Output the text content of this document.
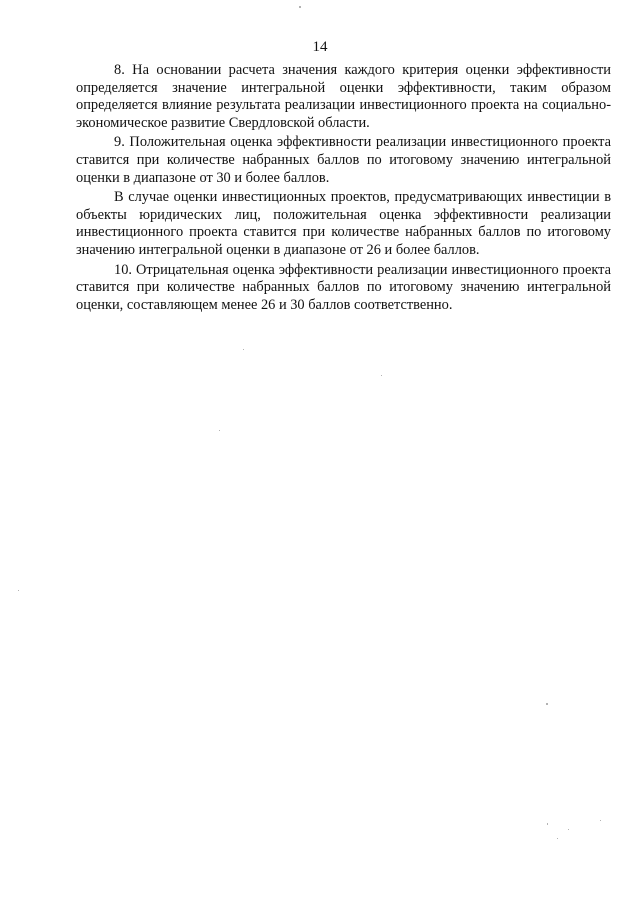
14

8. На основании расчета значения каждого критерия оценки эффективности определяется значение интегральной оценки эффективности, таким образом определяется влияние результата реализации инвестиционного проекта на социально-экономическое развитие Свердловской области.

9. Положительная оценка эффективности реализации инвестиционного проекта ставится при количестве набранных баллов по итоговому значению интегральной оценки в диапазоне от 30 и более баллов.

В случае оценки инвестиционных проектов, предусматривающих инвестиции в объекты юридических лиц, положительная оценка эффективности реализации инвестиционного проекта ставится при количестве набранных баллов по итоговому значению интегральной оценки в диапазоне от 26 и более баллов.

10. Отрицательная оценка эффективности реализации инвестиционного проекта ставится при количестве набранных баллов по итоговому значению интегральной оценки, составляющем менее 26 и 30 баллов соответственно.
